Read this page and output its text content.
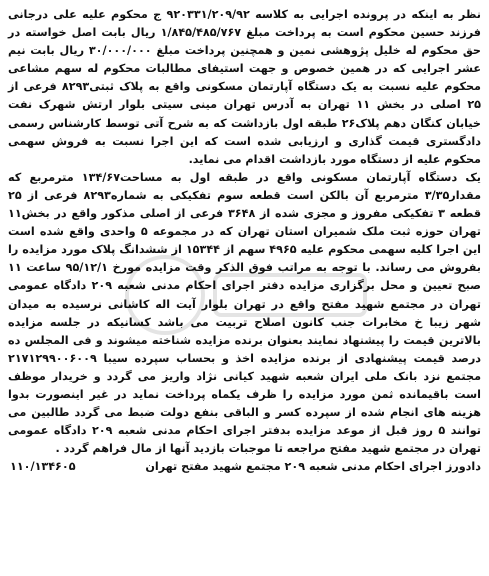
نظر به اینکه در پرونده اجرایی به کلاسه ۹۲۰۳۳۱/۲۰۹/۹۲ ج محکوم علیه علی درجانی فرزند حسین محکوم است به پرداخت مبلغ ۱/۸۴۵/۴۸۵/۷۶۷ ریال بابت اصل خواسته در حق محکوم له خلیل پژوهشی نمین و همچنین پرداخت مبلغ ۳۰/۰۰۰/۰۰۰ ریال بابت نیم عشر اجرایی که در همین خصوص و جهت استیفای مطالبات محکوم له سهم مشاعی محکوم علیه نسبت به یک دستگاه آپارتمان مسکونی واقع به پلاک ثبتی۸۲۹۳ فرعی از ۲۵ اصلی در بخش ۱۱ تهران به آدرس تهران مینی سیتی بلوار ارتش شهرک نفت خیابان کنگان دهم پلاک۲۶ طبقه اول بازداشت که به شرح آتی توسط کارشناس رسمی دادگستری قیمت گذاری و ارزیابی شده است که این اجرا نسبت به فروش سهمی محکوم علیه از دستگاه مورد بازداشت اقدام می نماید.

یک دستگاه آپارتمان مسکونی واقع در طبقه اول به مساحت۱۳۴/۶۷ مترمربع که مقدار۳/۳۵ مترمربع آن بالکن است قطعه سوم تفکیکی به شماره۸۲۹۳ فرعی از ۲۵ قطعه ۳ تفکیکی مفروز و مجزی شده از ۳۶۴۸ فرعی از اصلی مذکور واقع در بخش۱۱ تهران حوزه ثبت ملک شمیران استان تهران که در مجموعه ۵ واحدی واقع شده است این اجرا کلیه سهمی محکوم علیه ۴۹۶۵ سهم از ۱۵۳۴۴ از ششدانگ پلاک مورد مزایده را بفروش می رساند. با توجه به مراتب فوق الذکر وقت مزایده مورخ ۹۵/۱۲/۱ ساعت ۱۱ صبح تعیین و محل برگزاری مزایده دفتر اجرای احکام مدنی شعبه ۲۰۹ دادگاه عمومی تهران در مجتمع شهید مفتح واقع در تهران بلوار آیت اله کاشانی نرسیده به میدان شهر زیبا خ مخابرات جنب کانون اصلاح تربیت می باشد کسانیکه در جلسه مزایده بالاترین قیمت را پیشنهاد نمایند بعنوان برنده مزایده شناخته میشوند و فی المجلس ده درصد قیمت پیشنهادی از برنده مزایده اخذ و بحساب سپرده سیبا ۲۱۷۱۲۹۹۰۰۶۰۰۹ مجتمع نزد بانک ملی ایران شعبه شهید کیانی نژاد واریز می گردد و خریدار موظف است باقیمانده ثمن مورد مزایده را ظرف یکماه پرداخت نماید در غیر اینصورت بدوا هزینه های انجام شده از سپرده کسر و الباقی بنفع دولت ضبط می گردد طالبین می توانند ۵ روز قبل از موعد مزایده بدفتر اجرای احکام مدنی شعبه ۲۰۹ دادگاه عمومی تهران در مجتمع شهید مفتح مراجعه تا موجبات بازدید آنها از مال فراهم گردد .

دادورز اجرای احکام مدنی شعبه ۲۰۹ مجتمع شهید مفتح تهران
۱۱۰/۱۳۴۶۰۵
